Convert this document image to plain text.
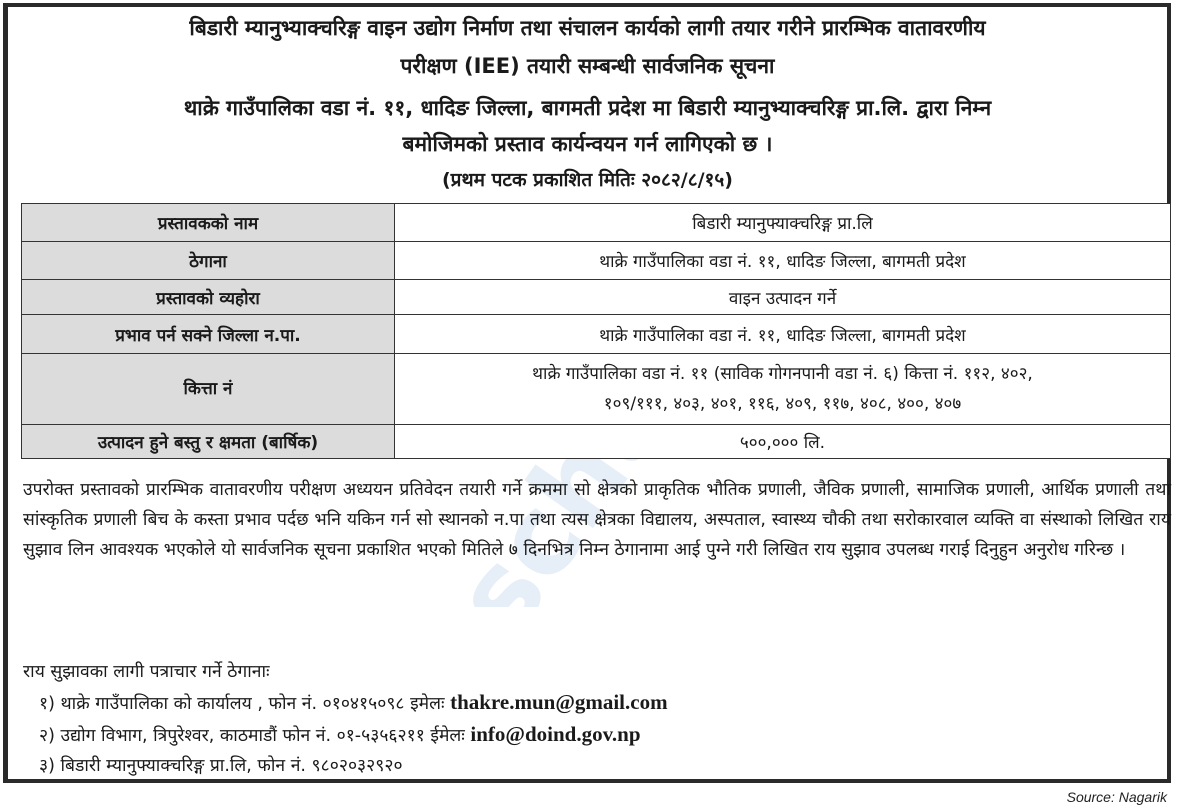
बिडारी म्यानुभ्याक्चरिङ्ग वाइन उद्योग निर्माण तथा संचालन कार्यको लागी तयार गरीने प्रारम्भिक वातावरणीय
परीक्षण (IEE) तयारी सम्बन्धी सार्वजनिक सूचना
थाक्रे गाउँपालिका वडा नं. ११, धादिङ जिल्ला, बागमती प्रदेश मा बिडारी म्यानुभ्याक्चरिङ्ग प्रा.लि. द्वारा निम्न
बमोजिमको प्रस्ताव कार्यन्वयन गर्न लागिएको छ ।
(प्रथम पटक प्रकाशित मितिः २०८२/८/१५)
प्रस्तावकको नाम	बिडारी म्यानुफ्याक्चरिङ्ग प्रा.लि
ठेगाना	थाक्रे गाउँपालिका वडा नं. ११, धादिङ जिल्ला, बागमती प्रदेश
प्रस्तावको व्यहोरा	वाइन उत्पादन गर्ने
प्रभाव पर्न सक्ने जिल्ला न.पा.	थाक्रे गाउँपालिका वडा नं. ११, धादिङ जिल्ला, बागमती प्रदेश
कित्ता नं	थाक्रे गाउँपालिका वडा नं. ११ (साविक गोगनपानी वडा नं. ६) कित्ता नं. ११२, ४०२,
१०९/१११, ४०३, ४०१, ११६, ४०९, ११७, ४०८, ४००, ४०७

उत्पादन हुने बस्तु र क्षमता (बार्षिक)	५००,००० लि.
उपरोक्त प्रस्तावको प्रारम्भिक वातावरणीय परीक्षण अध्ययन प्रतिवेदन तयारी गर्ने क्रममा सो क्षेत्रको प्राकृतिक भौतिक प्रणाली, जैविक प्रणाली, सामाजिक प्रणाली, आर्थिक प्रणाली तथा सांस्कृतिक प्रणाली बिच के कस्ता प्रभाव पर्दछ भनि यकिन गर्न सो स्थानको न.पा तथा त्यस क्षेत्रका विद्यालय, अस्पताल, स्वास्थ्य चौकी तथा सरोकारवाल व्यक्ति वा संस्थाको लिखित राय सुझाव लिन आवश्यक भएकोले यो सार्वजनिक सूचना प्रकाशित भएको मितिले ७ दिनभित्र निम्न ठेगानामा आई पुग्ने गरी लिखित राय सुझाव उपलब्ध गराई दिनुहुन अनुरोध गरिन्छ ।
राय सुझावका लागी पत्राचार गर्ने ठेगानाः
१) थाक्रे गाउँपालिका को कार्यालय , फोन नं. ०१०४१५०९८ इमेलः thakre.mun@gmail.com
२) उद्योग विभाग, त्रिपुरेश्वर, काठमाडौं फोन नं. ०१-५३५६२११ ईमेलः info@doind.gov.np
३) बिडारी म्यानुफ्याक्चरिङ्ग प्रा.लि, फोन नं. ९८०२०३२९२०
Source: Nagarik
